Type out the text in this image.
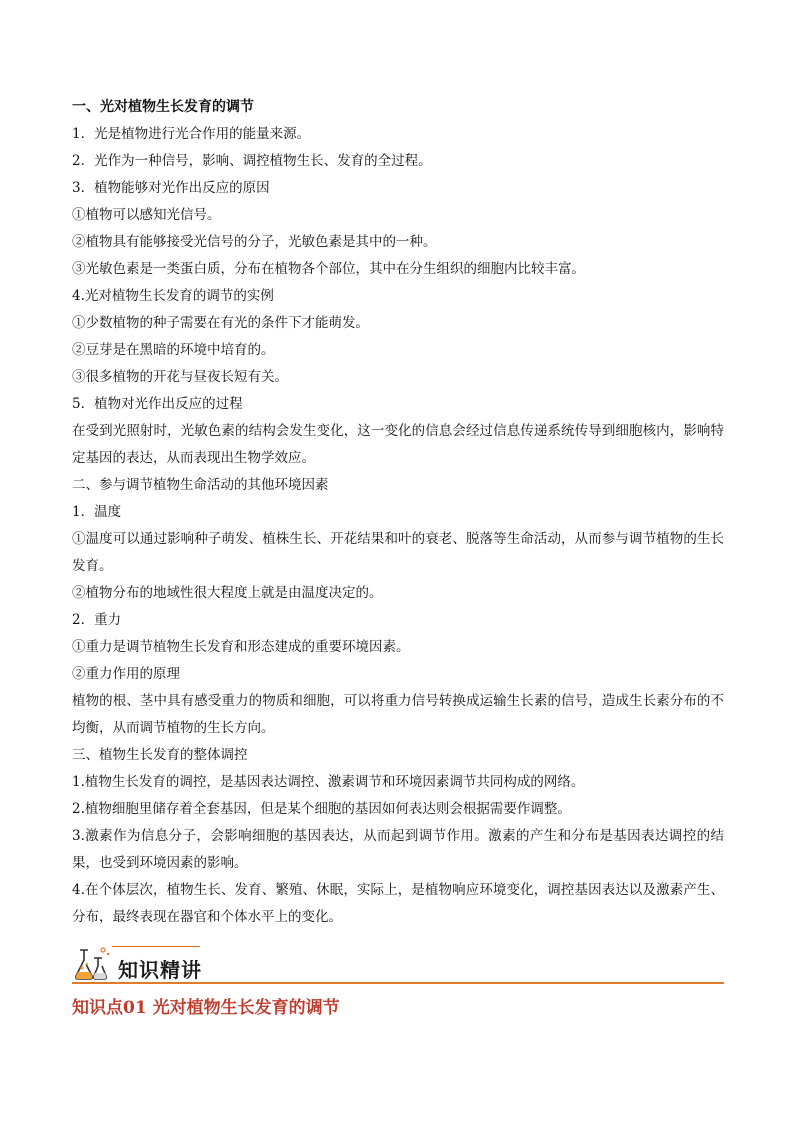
一、光对植物生长发育的调节
1．光是植物进行光合作用的能量来源。
2．光作为一种信号，影响、调控植物生长、发育的全过程。
3．植物能够对光作出反应的原因
①植物可以感知光信号。
②植物具有能够接受光信号的分子，光敏色素是其中的一种。
③光敏色素是一类蛋白质，分布在植物各个部位，其中在分生组织的细胞内比较丰富。
4.光对植物生长发育的调节的实例
①少数植物的种子需要在有光的条件下才能萌发。
②豆芽是在黑暗的环境中培育的。
③很多植物的开花与昼夜长短有关。
5．植物对光作出反应的过程
在受到光照射时，光敏色素的结构会发生变化，这一变化的信息会经过信息传递系统传导到细胞核内，影响特定基因的表达，从而表现出生物学效应。
二、参与调节植物生命活动的其他环境因素
1．温度
①温度可以通过影响种子萌发、植株生长、开花结果和叶的衰老、脱落等生命活动，从而参与调节植物的生长发育。
②植物分布的地域性很大程度上就是由温度决定的。
2．重力
①重力是调节植物生长发育和形态建成的重要环境因素。
②重力作用的原理
植物的根、茎中具有感受重力的物质和细胞，可以将重力信号转换成运输生长素的信号，造成生长素分布的不均衡，从而调节植物的生长方向。
三、植物生长发育的整体调控
1.植物生长发育的调控，是基因表达调控、激素调节和环境因素调节共同构成的网络。
2.植物细胞里储存着全套基因，但是某个细胞的基因如何表达则会根据需要作调整。
3.激素作为信息分子，会影响细胞的基因表达，从而起到调节作用。激素的产生和分布是基因表达调控的结果，也受到环境因素的影响。
4.在个体层次，植物生长、发育、繁殖、休眠，实际上，是植物响应环境变化，调控基因表达以及激素产生、分布，最终表现在器官和个体水平上的变化。
知识精讲
知识点01 光对植物生长发育的调节
